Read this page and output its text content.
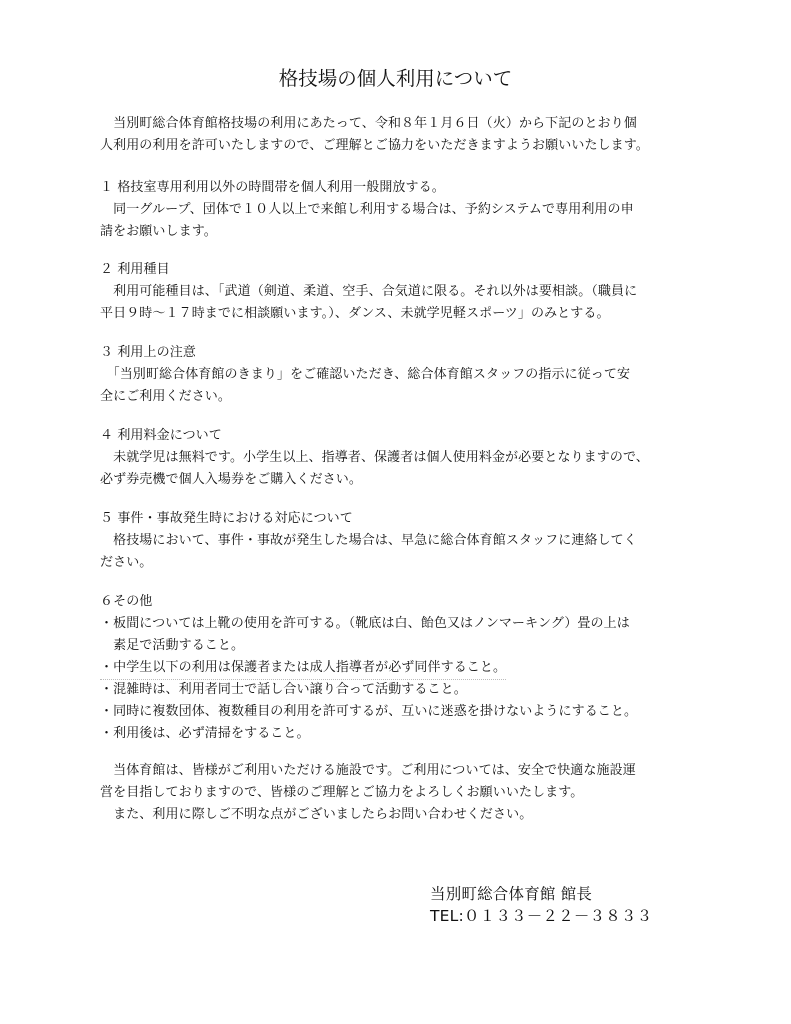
格技場の個人利用について
　当別町総合体育館格技場の利用にあたって、令和８年１月６日（火）から下記のとおり個
人利用の利用を許可いたしますので、ご理解とご協力をいただきますようお願いいたします。
１ 格技室専用利用以外の時間帯を個人利用一般開放する。
　同一グループ、団体で１０人以上で来館し利用する場合は、予約システムで専用利用の申
請をお願いします。
２ 利用種目
　利用可能種目は、「武道（剣道、柔道、空手、合気道に限る。それ以外は要相談。（職員に
平日９時～１７時までに相談願います。）、ダンス、未就学児軽スポーツ」のみとする。
３ 利用上の注意
　「当別町総合体育館のきまり」をご確認いただき、総合体育館スタッフの指示に従って安
全にご利用ください。
４ 利用料金について
　未就学児は無料です。小学生以上、指導者、保護者は個人使用料金が必要となりますので、
必ず券売機で個人入場券をご購入ください。
５ 事件・事故発生時における対応について
　格技場において、事件・事故が発生した場合は、早急に総合体育館スタッフに連絡してく
ださい。
６その他
・板間については上靴の使用を許可する。（靴底は白、飴色又はノンマーキング）畳の上は
　素足で活動すること。
・中学生以下の利用は保護者または成人指導者が必ず同伴すること。
・混雑時は、利用者同士で話し合い譲り合って活動すること。
・同時に複数団体、複数種目の利用を許可するが、互いに迷惑を掛けないようにすること。
・利用後は、必ず清掃をすること。
　当体育館は、皆様がご利用いただける施設です。ご利用については、安全で快適な施設運
営を目指しておりますので、皆様のご理解とご協力をよろしくお願いいたします。
　また、利用に際しご不明な点がございましたらお問い合わせください。
当別町総合体育館 館長
TEL:０１３３－２２－３８３３
